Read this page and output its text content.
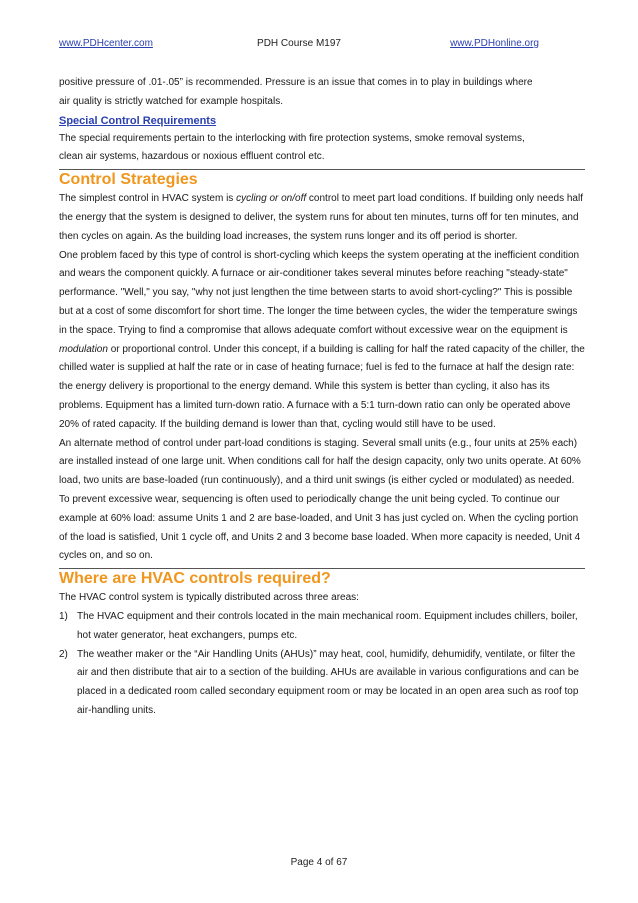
PDH Course M197
www.PDHcenter.com	www.PDHonline.org

positive pressure of .01-.05” is recommended. Pressure is an issue that comes in to play in buildings where air quality is strictly watched for example hospitals.

Special Control Requirements

The special requirements pertain to the interlocking with fire protection systems, smoke removal systems, clean air systems, hazardous or noxious effluent control etc.

Control Strategies

The simplest control in HVAC system is cycling or on/off control to meet part load conditions. If building only needs half the energy that the system is designed to deliver, the system runs for about ten minutes, turns off for ten minutes, and then cycles on again. As the building load increases, the system runs longer and its off period is shorter.

One problem faced by this type of control is short-cycling which keeps the system operating at the inefficient condition and wears the component quickly. A furnace or air-conditioner takes several minutes before reaching "steady-state" performance. "Well," you say, "why not just lengthen the time between starts to avoid short-cycling?" This is possible but at a cost of some discomfort for short time. The longer the time between cycles, the wider the temperature swings in the space. Trying to find a compromise that allows adequate comfort without excessive wear on the equipment is modulation or proportional control. Under this concept, if a building is calling for half the rated capacity of the chiller, the chilled water is supplied at half the rate or in case of heating furnace; fuel is fed to the furnace at half the design rate: the energy delivery is proportional to the energy demand. While this system is better than cycling, it also has its problems. Equipment has a limited turn-down ratio. A furnace with a 5:1 turn-down ratio can only be operated above 20% of rated capacity. If the building demand is lower than that, cycling would still have to be used.

An alternate method of control under part-load conditions is staging. Several small units (e.g., four units at 25% each) are installed instead of one large unit. When conditions call for half the design capacity, only two units operate. At 60% load, two units are base-loaded (run continuously), and a third unit swings (is either cycled or modulated) as needed. To prevent excessive wear, sequencing is often used to periodically change the unit being cycled. To continue our example at 60% load: assume Units 1 and 2 are base-loaded, and Unit 3 has just cycled on. When the cycling portion of the load is satisfied, Unit 1 cycle off, and Units 2 and 3 become base loaded. When more capacity is needed, Unit 4 cycles on, and so on.

Where are HVAC controls required?

The HVAC control system is typically distributed across three areas:

1) The HVAC equipment and their controls located in the main mechanical room. Equipment includes chillers, boiler, hot water generator, heat exchangers, pumps etc.
2) The weather maker or the “Air Handling Units (AHUs)” may heat, cool, humidify, dehumidify, ventilate, or filter the air and then distribute that air to a section of the building. AHUs are available in various configurations and can be placed in a dedicated room called secondary equipment room or may be located in an open area such as roof top air-handling units.
Page 4 of 67
